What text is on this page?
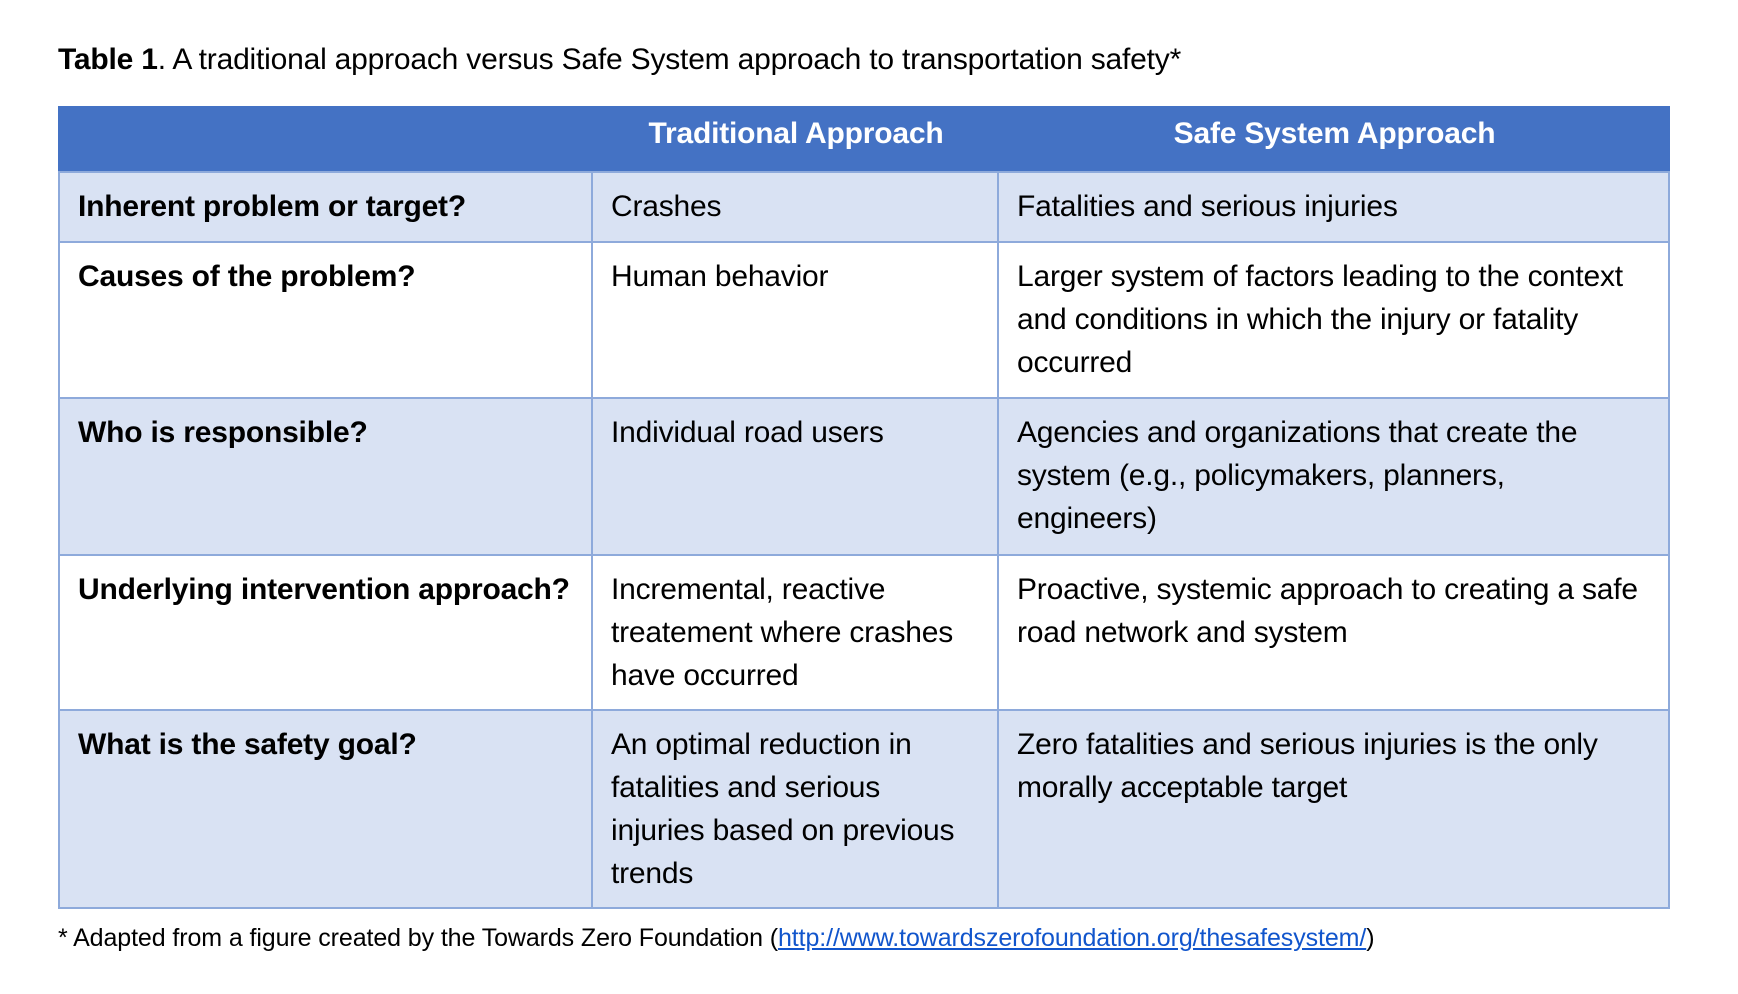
Table 1. A traditional approach versus Safe System approach to transportation safety*
	Traditional Approach	Safe System Approach
Inherent problem or target?	Crashes	Fatalities and serious injuries
Causes of the problem?	Human behavior	Larger system of factors leading to the context and conditions in which the injury or fatality occurred
Who is responsible?	Individual road users	Agencies and organizations that create the system (e.g., policymakers, planners, engineers)
Underlying intervention approach?	Incremental, reactive treatement where crashes have occurred	Proactive, systemic approach to creating a safe road network and system
What is the safety goal?	An optimal reduction in fatalities and serious injuries based on previous trends	Zero fatalities and serious injuries is the only morally acceptable target
* Adapted from a figure created by the Towards Zero Foundation (http://www.towardszerofoundation.org/thesafesystem/)
